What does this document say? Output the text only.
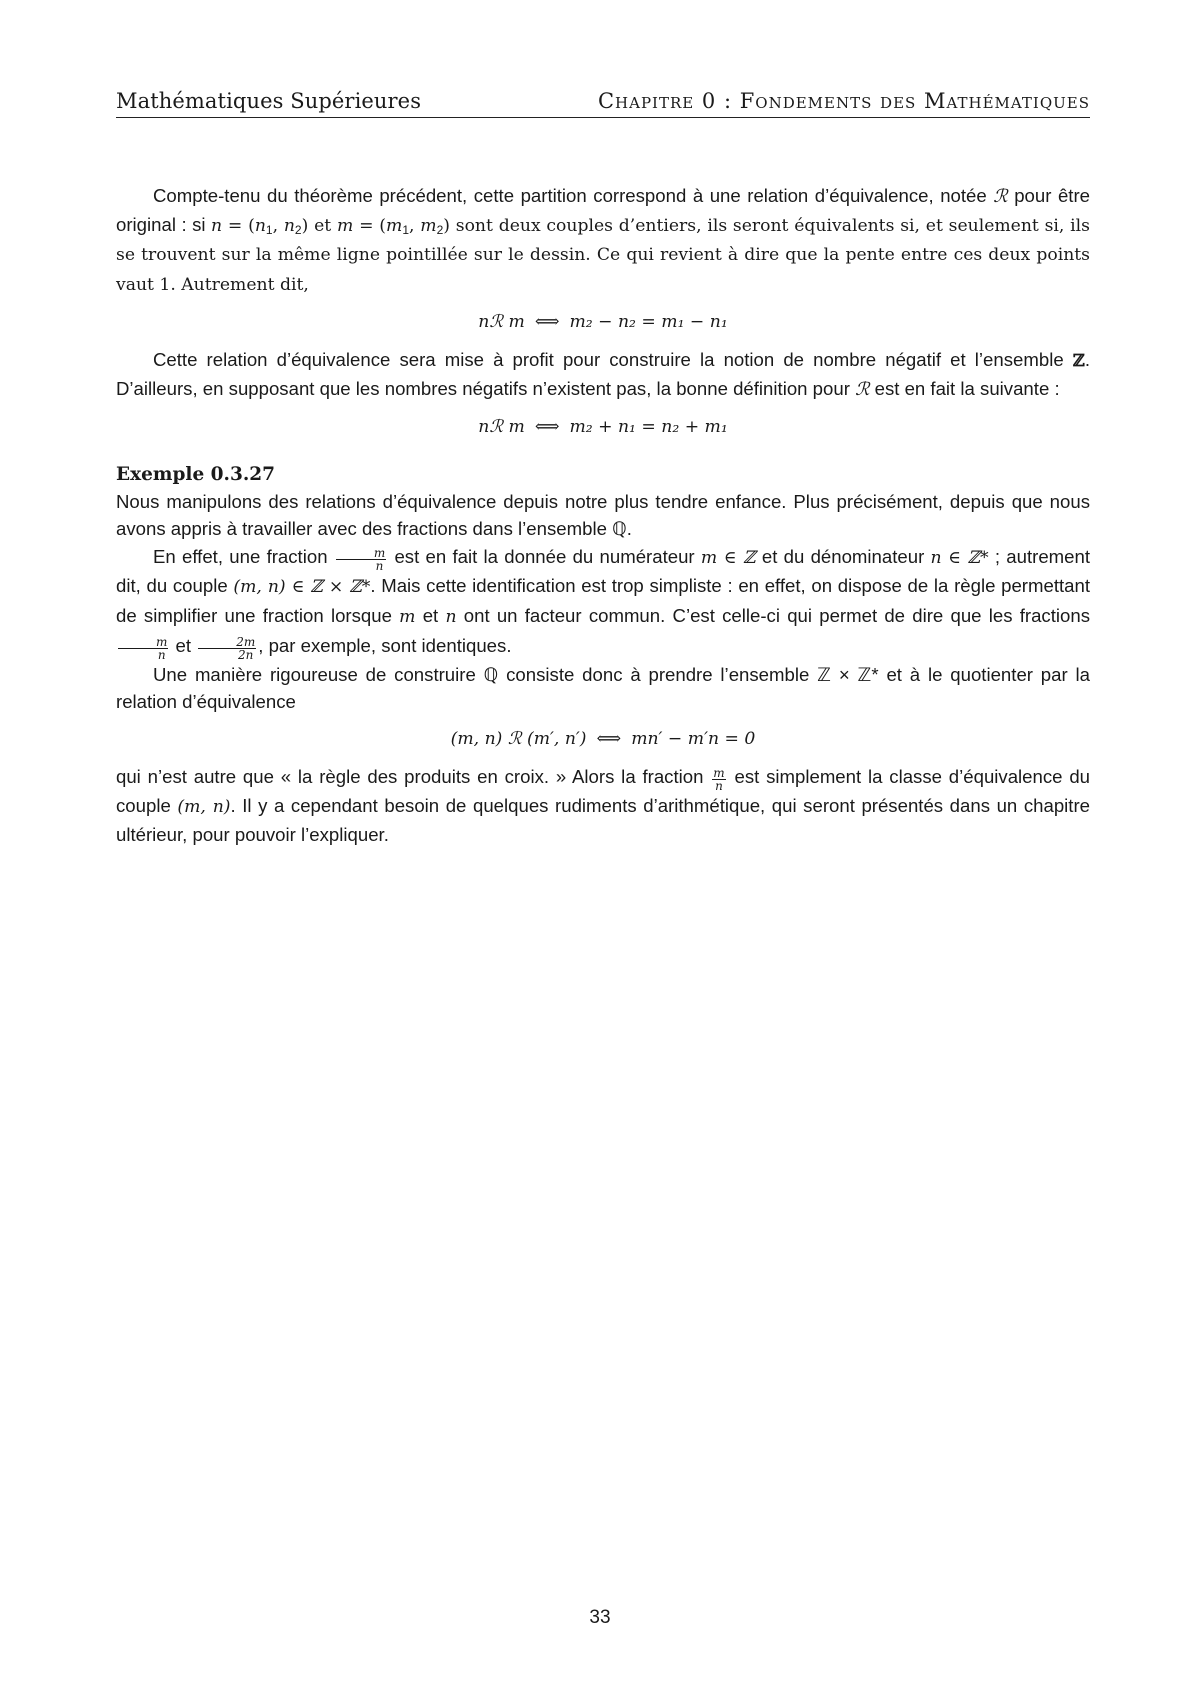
Mathématiques Supérieures	Chapitre 0 : Fondements des Mathématiques

Compte-tenu du théorème précédent, cette partition correspond à une relation d’équivalence, notée ℛ pour être original : si $n = (n_1$, $n_2$) et $m = (m_1$, $m_2$) sont deux couples d’entiers, ils seront équivalents si, et seulement si, ils se trouvent sur la même ligne pointillée sur le dessin. Ce qui revient à dire que la pente entre ces deux points vaut 1. Autrement dit,

nℛ m ⟺ m₂ − n₂ = m₁ − n₁

Cette relation d’équivalence sera mise à profit pour construire la notion de nombre négatif et l’ensemble ℤ. D’ailleurs, en supposant que les nombres négatifs n’existent pas, la bonne définition pour ℛ est en fait la suivante :

nℛ m ⟺ m₂ + n₁ = n₂ + m₁
Exemple 0.3.27

Nous manipulons des relations d’équivalence depuis notre plus tendre enfance. Plus précisément, depuis que nous avons appris à travailler avec des fractions dans l’ensemble ℚ.

En effet, une fraction $\frac{m}{n}$ est en fait la donnée du numérateur m ∈ ℤ et du dénominateur n ∈ ℤ* ; autrement dit, du couple (m, n) ∈ ℤ × ℤ*. Mais cette identification est trop simpliste : en effet, on dispose de la règle permettant de simplifier une fraction lorsque m et n ont un facteur commun. C’est celle-ci qui permet de dire que les fractions
$\frac{m}{n}$ et $\frac{2m}{2n}$ , par exemple, sont identiques.

Une manière rigoureuse de construire ℚ consiste donc à prendre l’ensemble ℤ × ℤ* et à le quotienter par la relation d’équivalence

(m, n) ℛ (m′, n′) ⟺ mn′ − m′n = 0

qui n’est autre que « la règle des produits en croix. » Alors la fraction $\frac{m}{n}$ est simplement la classe d’équivalence du couple (m, n). Il y a cependant besoin de quelques rudiments d’arithmétique, qui seront présentés dans un chapitre ultérieur, pour pouvoir l’expliquer.

33
